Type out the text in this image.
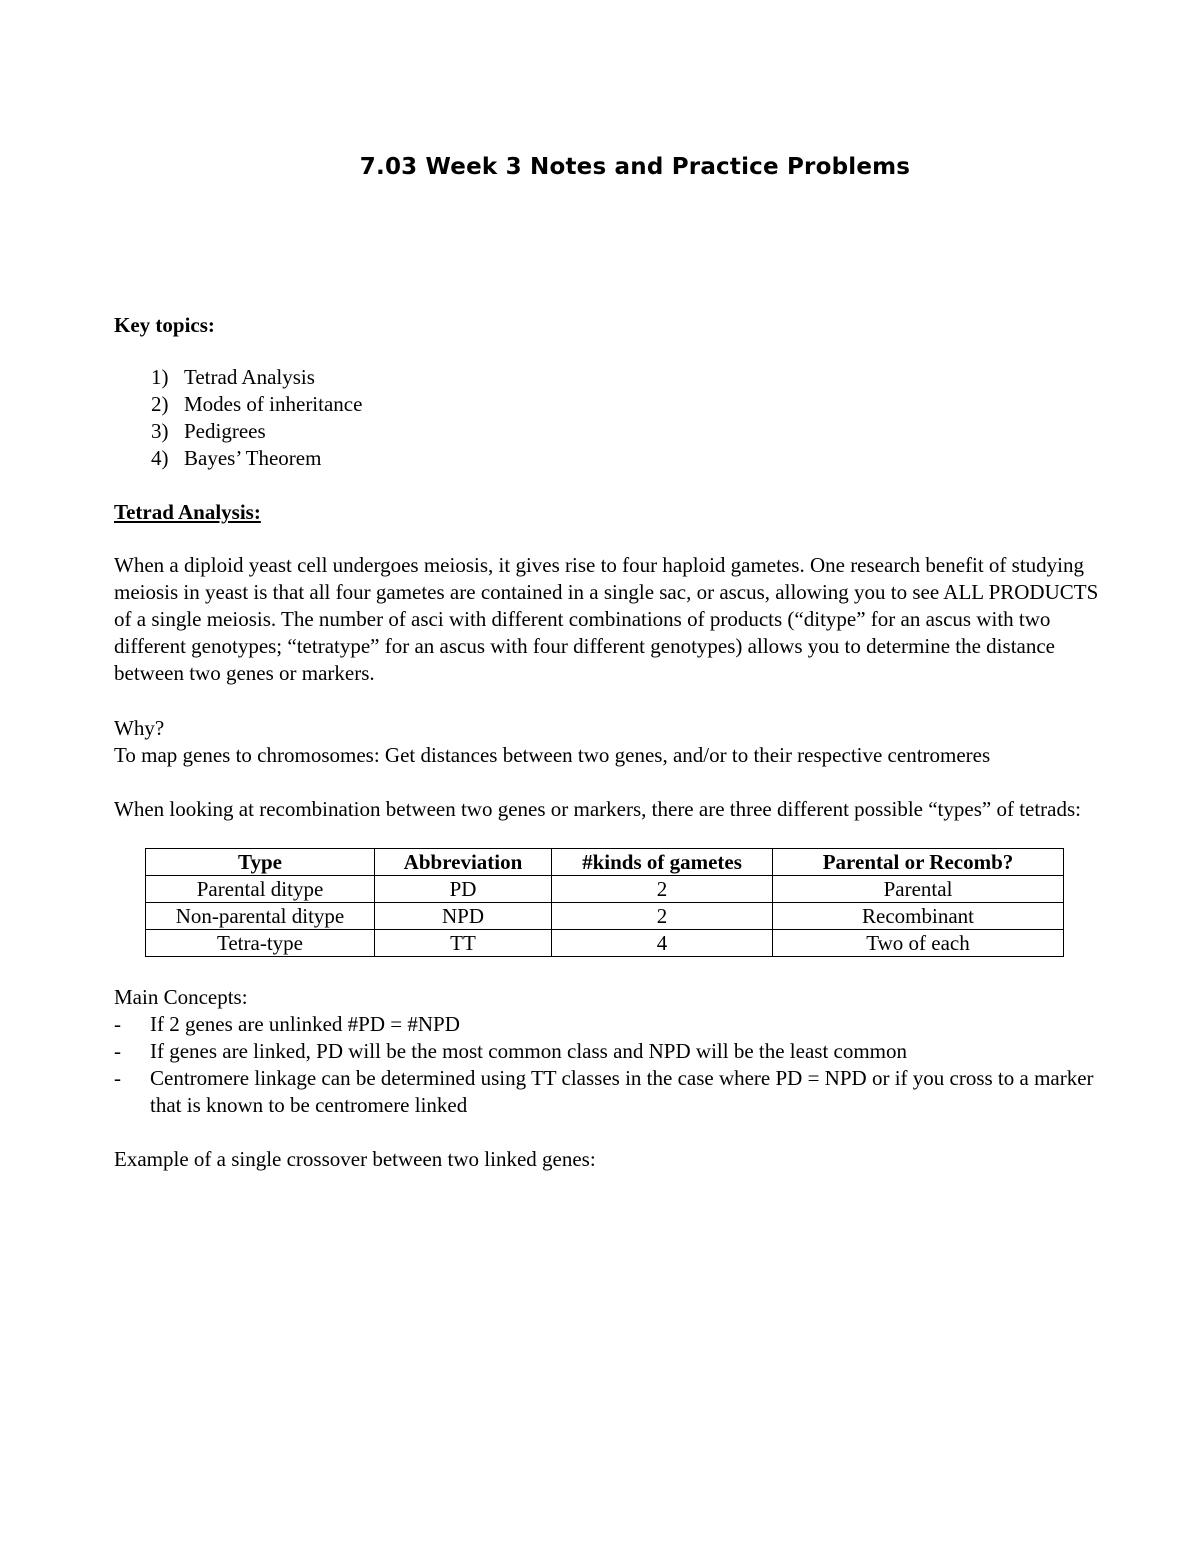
7.03 Week 3 Notes and Practice Problems

Key topics:

1) Tetrad Analysis
2) Modes of inheritance
3) Pedigrees
4) Bayes’ Theorem

Tetrad Analysis:

When a diploid yeast cell undergoes meiosis, it gives rise to four haploid gametes. One research benefit of studying meiosis in yeast is that all four gametes are contained in a single sac, or ascus, allowing you to see ALL PRODUCTS of a single meiosis. The number of asci with different combinations of products (“ditype” for an ascus with two different genotypes; “tetratype” for an ascus with four different genotypes) allows you to determine the distance between two genes or markers.

Why?

To map genes to chromosomes: Get distances between two genes, and/or to their respective centromeres

When looking at recombination between two genes or markers, there are three different possible “types” of tetrads:

Type	Abbreviation	#kinds of gametes	Parental or Recomb?
Parental ditype	PD	2	Parental
Non-parental ditype	NPD	2	Recombinant
Tetra-type	TT	4	Two of each

Main Concepts:

- If 2 genes are unlinked #PD = #NPD
- If genes are linked, PD will be the most common class and NPD will be the least common
- Centromere linkage can be determined using TT classes in the case where PD = NPD or if you cross to a marker that is known to be centromere linked

Example of a single crossover between two linked genes:
